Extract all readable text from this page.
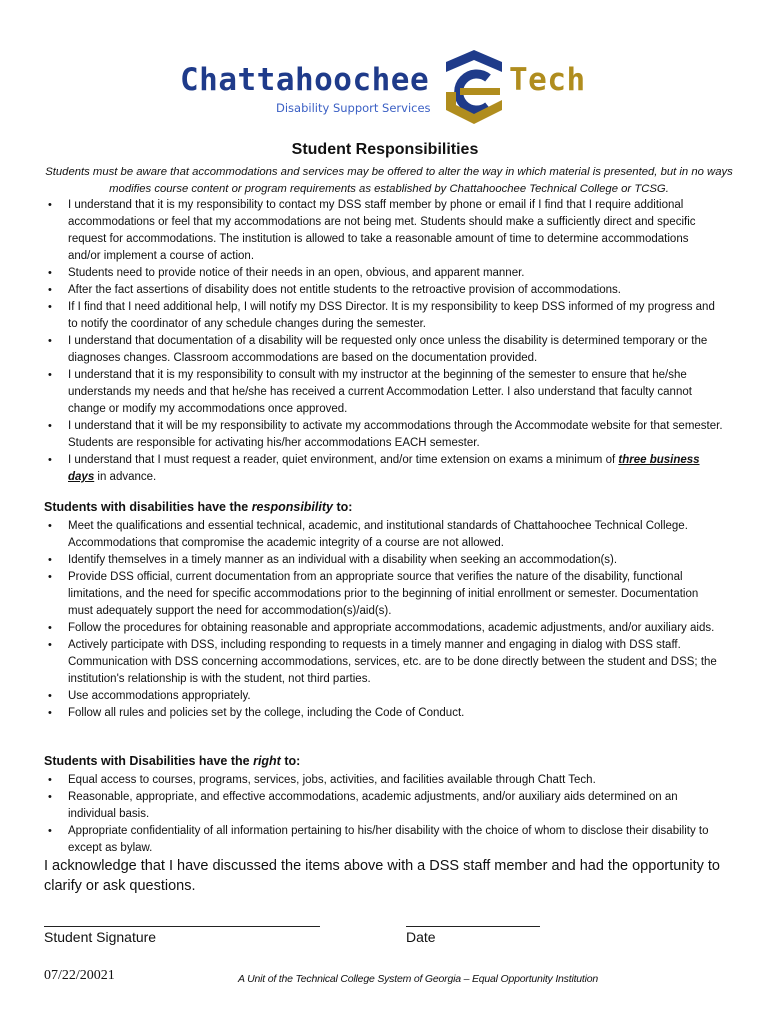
Chattahoochee	Tech
Disability Support Services
Student Responsibilities
Students must be aware that accommodations and services may be offered to alter the way in which material is presented, but in no ways modifies course content or program requirements as established by Chattahoochee Technical College or TCSG.
• I understand that it is my responsibility to contact my DSS staff member by phone or email if I find that I require additional accommodations or feel that my accommodations are not being met. Students should make a sufficiently direct and specific request for accommodations. The institution is allowed to take a reasonable amount of time to determine accommodations and/or implement a course of action.
• Students need to provide notice of their needs in an open, obvious, and apparent manner.
• After the fact assertions of disability does not entitle students to the retroactive provision of accommodations.
• If I find that I need additional help, I will notify my DSS Director. It is my responsibility to keep DSS informed of my progress and to notify the coordinator of any schedule changes during the semester.
• I understand that documentation of a disability will be requested only once unless the disability is determined temporary or the diagnoses changes. Classroom accommodations are based on the documentation provided.
• I understand that it is my responsibility to consult with my instructor at the beginning of the semester to ensure that he/she understands my needs and that he/she has received a current Accommodation Letter. I also understand that faculty cannot change or modify my accommodations once approved.
• I understand that it will be my responsibility to activate my accommodations through the Accommodate website for that semester. Students are responsible for activating his/her accommodations EACH semester.
• I understand that I must request a reader, quiet environment, and/or time extension on exams a minimum of three business days in advance.
Students with disabilities have the responsibility to:
• Meet the qualifications and essential technical, academic, and institutional standards of Chattahoochee Technical College. Accommodations that compromise the academic integrity of a course are not allowed.
• Identify themselves in a timely manner as an individual with a disability when seeking an accommodation(s).
• Provide DSS official, current documentation from an appropriate source that verifies the nature of the disability, functional limitations, and the need for specific accommodations prior to the beginning of initial enrollment or semester. Documentation must adequately support the need for accommodation(s)/aid(s).
• Follow the procedures for obtaining reasonable and appropriate accommodations, academic adjustments, and/or auxiliary aids.
• Actively participate with DSS, including responding to requests in a timely manner and engaging in dialog with DSS staff. Communication with DSS concerning accommodations, services, etc. are to be done directly between the student and DSS; the institution's relationship is with the student, not third parties.
• Use accommodations appropriately.
• Follow all rules and policies set by the college, including the Code of Conduct.
Students with Disabilities have the right to:
• Equal access to courses, programs, services, jobs, activities, and facilities available through Chatt Tech.
• Reasonable, appropriate, and effective accommodations, academic adjustments, and/or auxiliary aids determined on an individual basis.
• Appropriate confidentiality of all information pertaining to his/her disability with the choice of whom to disclose their disability to except as bylaw.
I acknowledge that I have discussed the items above with a DSS staff member and had the opportunity to clarify or ask questions.
Student Signature	Date
07/22/20021	A Unit of the Technical College System of Georgia – Equal Opportunity Institution
